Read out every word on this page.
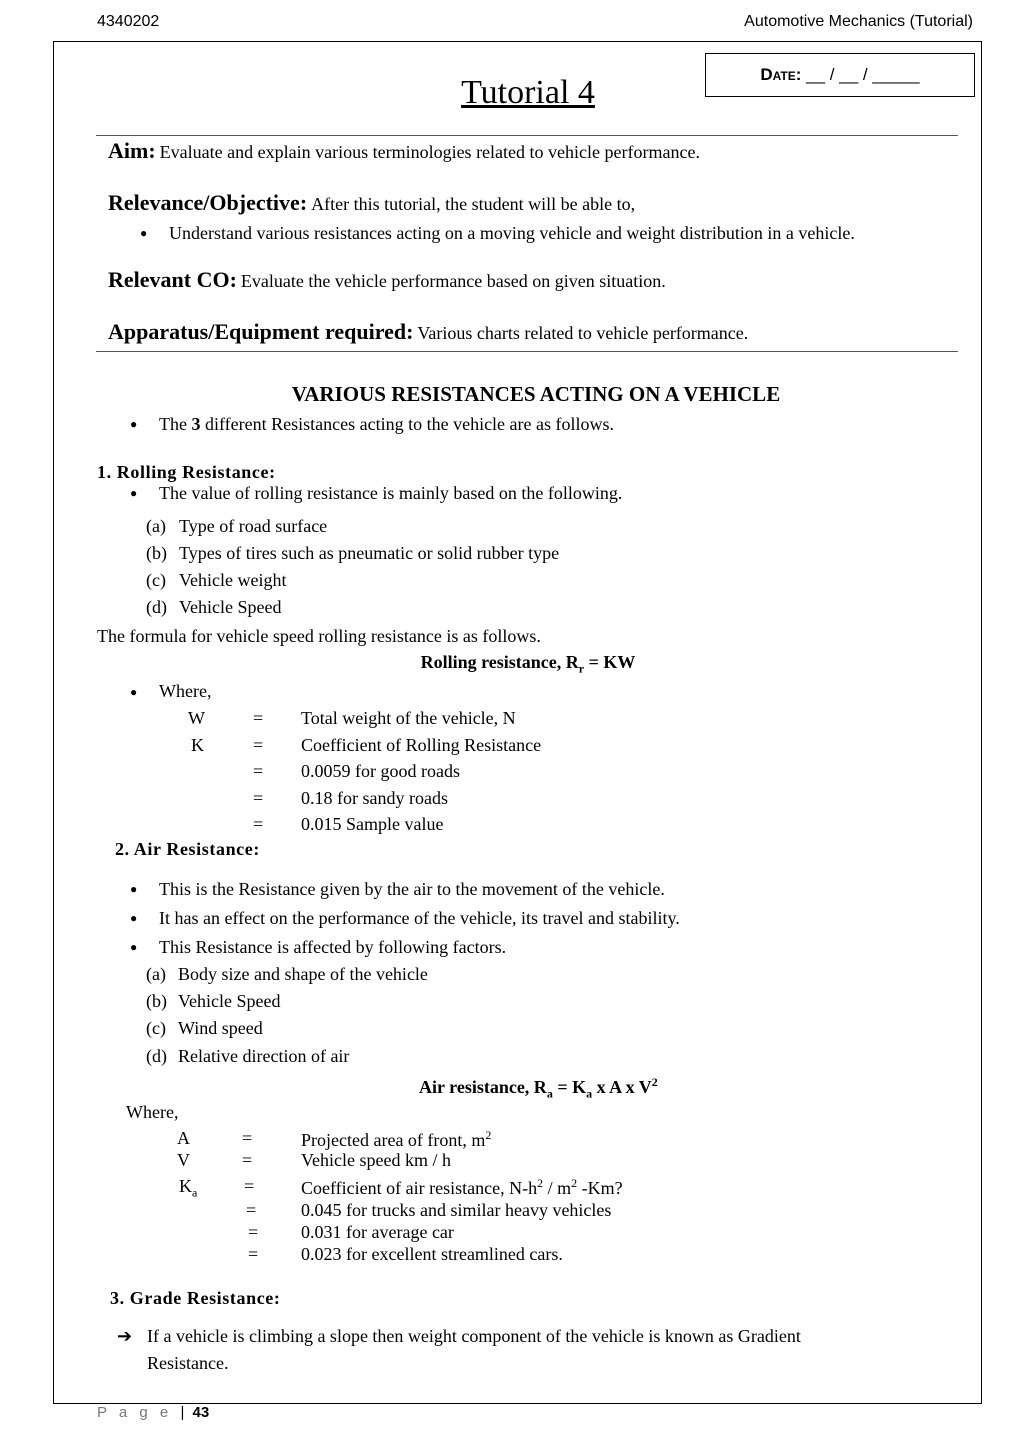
4340202	Automotive Mechanics (Tutorial)
Date:
__ / __ / _____
Tutorial 4
Aim: Evaluate and explain various terminologies related to vehicle performance.
Relevance/Objective: After this tutorial, the student will be able to,
● Understand various resistances acting on a moving vehicle and weight distribution in a vehicle.
Relevant CO: Evaluate the vehicle performance based on given situation.
Apparatus/Equipment required: Various charts related to vehicle performance.
VARIOUS RESISTANCES ACTING ON A VEHICLE
● The 3 different Resistances acting to the vehicle are as follows.
1. Rolling Resistance:
● The value of rolling resistance is mainly based on the following.
(a) Type of road surface
(b) Types of tires such as pneumatic or solid rubber type
(c) Vehicle weight
(d) Vehicle Speed
The formula for vehicle speed rolling resistance is as follows.
Rolling resistance, $R_r$ = KW
● Where,
W	= Total weight of the vehicle, N
K	= Coefficient of Rolling Resistance
= 0.0059 for good roads
= 0.18 for sandy roads
= 0.015 Sample value
2. Air Resistance:
● This is the Resistance given by the air to the movement of the vehicle.
● It has an effect on the performance of the vehicle, its travel and stability.
● This Resistance is affected by following factors.
(a) Body size and shape of the vehicle
(b) Vehicle Speed
(c) Wind speed
(d) Relative direction of air
Air resistance, $R_a = K_a$ x A x $V^2$
Where,
A	=	Projected area of front, $m^2$
V	=	Vehicle speed km / h
$K_a$	=	Coefficient of air resistance, $N-h^2 / m^2$ -Km?
= 0.045 for trucks and similar heavy vehicles
= 0.031 for average car
= 0.023 for excellent streamlined cars.
3. Grade Resistance:
➔ If a vehicle is climbing a slope then weight component of the vehicle is known as Gradient
Resistance.
P a g e | 43
